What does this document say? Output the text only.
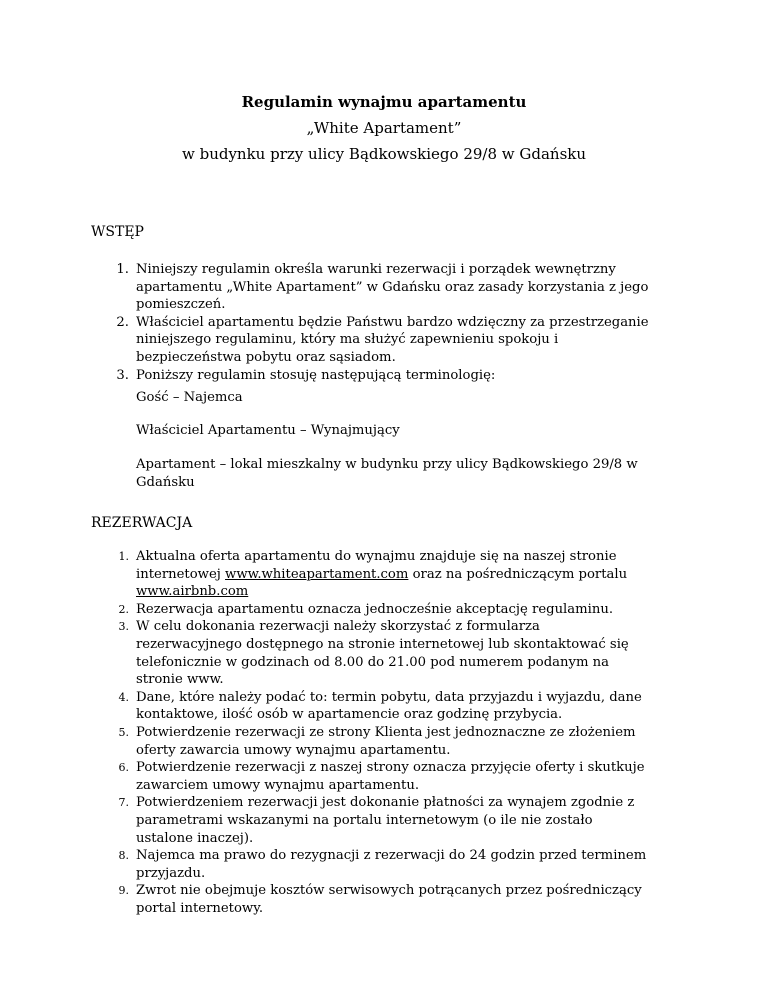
Regulamin wynajmu apartamentu
„White Apartament”
w budynku przy ulicy Bądkowskiego 29/8 w Gdańsku
WSTĘP
1. Niniejszy regulamin określa warunki rezerwacji i porządek wewnętrzny apartamentu „White Apartament” w Gdańsku oraz zasady korzystania z jego pomieszczeń.
2. Właściciel apartamentu będzie Państwu bardzo wdzięczny za przestrzeganie niniejszego regulaminu, który ma służyć zapewnieniu spokoju i bezpieczeństwa pobytu oraz sąsiadom.
3. Poniższy regulamin stosuję następującą terminologię:
Gość – Najemca
Właściciel Apartamentu – Wynajmujący
Apartament – lokal mieszkalny w budynku przy ulicy Bądkowskiego 29/8 w Gdańsku
REZERWACJA
1. Aktualna oferta apartamentu do wynajmu znajduje się na naszej stronie internetowej www.whiteapartament.com oraz na pośredniczącym portalu www.airbnb.com
2. Rezerwacja apartamentu oznacza jednocześnie akceptację regulaminu.
3. W celu dokonania rezerwacji należy skorzystać z formularza rezerwacyjnego dostępnego na stronie internetowej lub skontaktować się telefonicznie w godzinach od 8.00 do 21.00 pod numerem podanym na stronie www.
4. Dane, które należy podać to: termin pobytu, data przyjazdu i wyjazdu, dane kontaktowe, ilość osób w apartamencie oraz godzinę przybycia.
5. Potwierdzenie rezerwacji ze strony Klienta jest jednoznaczne ze złożeniem oferty zawarcia umowy wynajmu apartamentu.
6. Potwierdzenie rezerwacji z naszej strony oznacza przyjęcie oferty i skutkuje zawarciem umowy wynajmu apartamentu.
7. Potwierdzeniem rezerwacji jest dokonanie płatności za wynajem zgodnie z parametrami wskazanymi na portalu internetowym (o ile nie zostało ustalone inaczej).
8. Najemca ma prawo do rezygnacji z rezerwacji do 24 godzin przed terminem przyjazdu.
9. Zwrot nie obejmuje kosztów serwisowych potrącanych przez pośredniczący portal internetowy.
